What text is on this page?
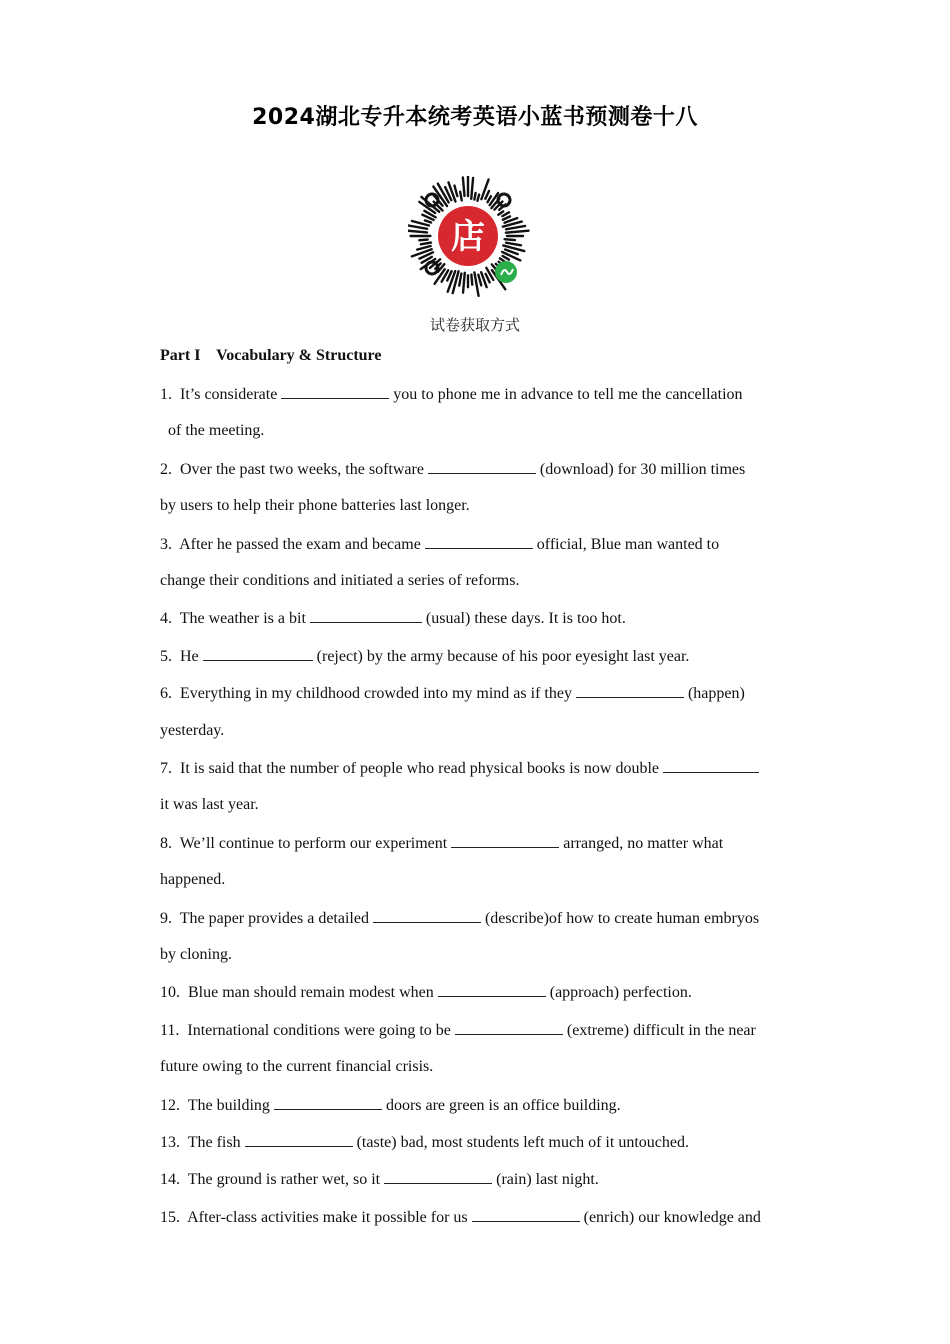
2024湖北专升本统考英语小蓝书预测卷十八
店
试卷获取方式
Part I    Vocabulary & Structure
1.  It’s considerate	you to phone me in advance to tell me the cancellation
of the meeting.
2.  Over the past two weeks, the software	(download) for 30 million times
by users to help their phone batteries last longer.
3.  After he passed the exam and became	official, Blue man wanted to
change their conditions and initiated a series of reforms.
4.  The weather is a bit	(usual) these days. It is too hot.
5.  He	(reject) by the army because of his poor eyesight last year.
6.  Everything in my childhood crowded into my mind as if they	(happen)
yesterday.
7.  It is said that the number of people who read physical books is now double
it was last year.
8.  We’ll continue to perform our experiment	arranged, no matter what
happened.
9.  The paper provides a detailed	(describe)of how to create human embryos
by cloning.
10.  Blue man should remain modest when	(approach) perfection.
11.  International conditions were going to be	(extreme) difficult in the near
future owing to the current financial crisis.
12.  The building	doors are green is an office building.
13.  The fish	(taste) bad, most students left much of it untouched.
14.  The ground is rather wet, so it	(rain) last night.
15.  After-class activities make it possible for us	(enrich) our knowledge and
